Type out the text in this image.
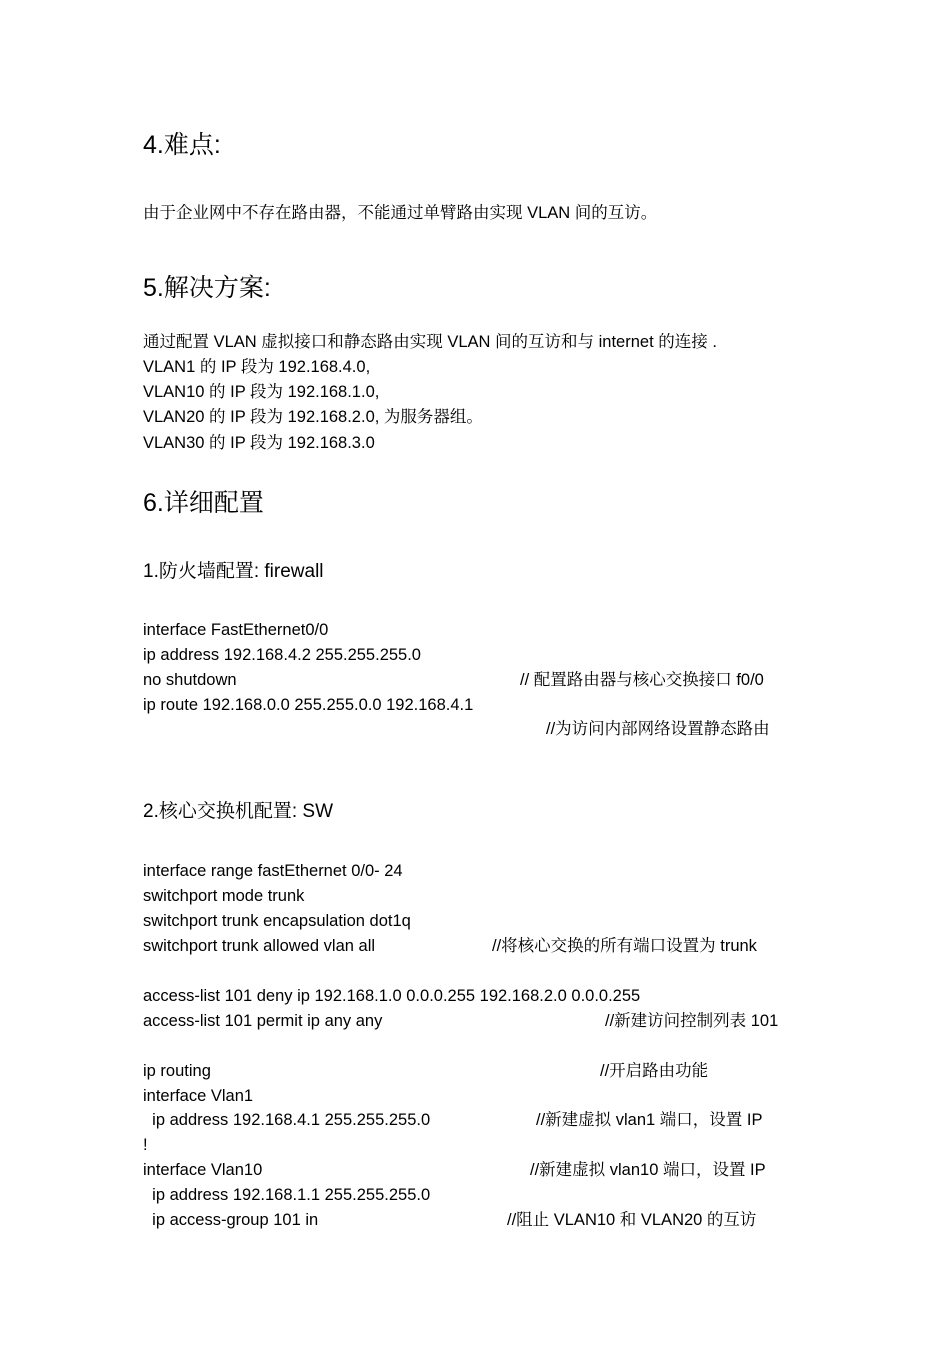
4.难点:
由于企业网中不存在路由器，不能通过单臂路由实现 VLAN 间的互访。
5.解决方案:
通过配置 VLAN 虚拟接口和静态路由实现 VLAN 间的互访和与 internet 的连接 .
VLAN1 的 IP 段为 192.168.4.0,
VLAN10 的 IP 段为 192.168.1.0,
VLAN20 的 IP 段为 192.168.2.0, 为服务器组。
VLAN30 的 IP 段为 192.168.3.0
6.详细配置
1.防火墙配置: firewall
interface FastEthernet0/0
ip address 192.168.4.2 255.255.255.0
no shutdown	// 配置路由器与核心交换接口 f0/0
ip route 192.168.0.0 255.255.0.0 192.168.4.1
//为访问内部网络设置静态路由
2.核心交换机配置: SW
interface range fastEthernet 0/0- 24
switchport mode trunk
switchport trunk encapsulation dot1q
switchport trunk allowed vlan all	//将核心交换的所有端口设置为 trunk
access-list 101 deny ip 192.168.1.0 0.0.0.255 192.168.2.0 0.0.0.255
access-list 101 permit ip any any	//新建访问控制列表 101
ip routing	//开启路由功能
interface Vlan1
ip address 192.168.4.1 255.255.255.0	//新建虚拟 vlan1 端口，设置 IP
!
interface Vlan10	//新建虚拟 vlan10 端口，设置 IP
ip address 192.168.1.1 255.255.255.0
ip access-group 101 in	//阻止 VLAN10 和 VLAN20 的互访
